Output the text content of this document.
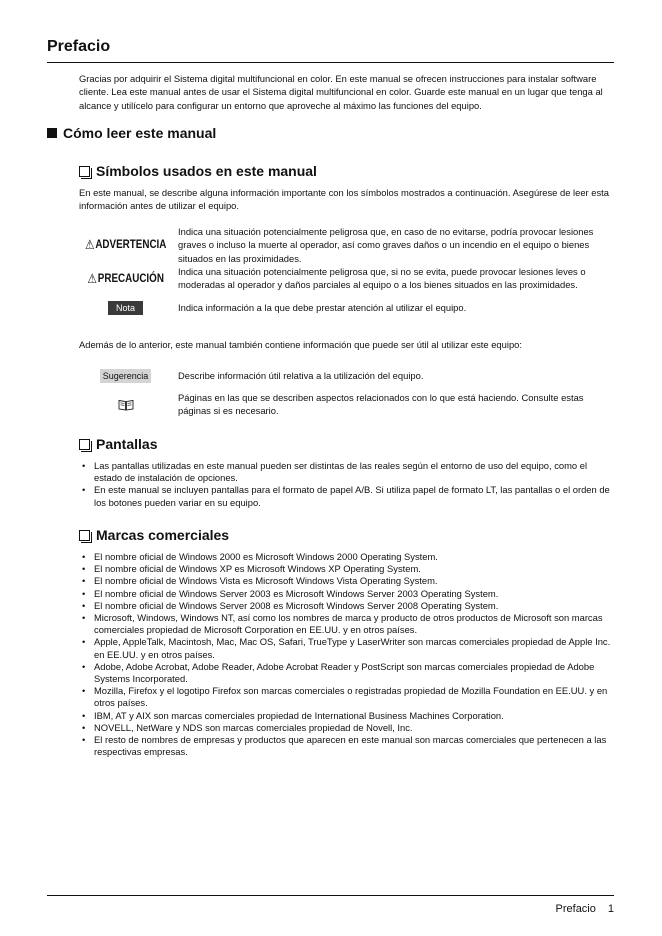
Prefacio

Gracias por adquirir el Sistema digital multifuncional en color. En este manual se ofrecen instrucciones para instalar software cliente. Lea este manual antes de usar el Sistema digital multifuncional en color. Guarde este manual en un lugar que tenga al alcance y utilícelo para configurar un entorno que aproveche al máximo las funciones del equipo.

Cómo leer este manual
Símbolos usados en este manual

En este manual, se describe alguna información importante con los símbolos mostrados a continuación. Asegúrese de leer esta información antes de utilizar el equipo.

⚠ ADVERTENCIA
Indica una situación potencialmente peligrosa que, en caso de no evitarse, podría provocar lesiones graves o incluso la muerte al operador, así como graves daños o un incendio en el equipo o bienes situados en las proximidades.
⚠ PRECAUCIÓN Indica una situación potencialmente peligrosa que, si no se evita, puede provocar lesiones leves o moderadas al operador y daños parciales al equipo o a los bienes situados en las proximidades.
Nota	Indica información a la que debe prestar atención al utilizar el equipo.

Además de lo anterior, este manual también contiene información que puede ser útil al utilizar este equipo:

Sugerencia	Describe información útil relativa a la utilización del equipo.
Páginas en las que se describen aspectos relacionados con lo que está haciendo. Consulte estas páginas si es necesario.
Pantallas
• Las pantallas utilizadas en este manual pueden ser distintas de las reales según el entorno de uso del equipo, como el estado de instalación de opciones.
• En este manual se incluyen pantallas para el formato de papel A/B. Si utiliza papel de formato LT, las pantallas o el orden de los botones pueden variar en su equipo.
Marcas comerciales
• El nombre oficial de Windows 2000 es Microsoft Windows 2000 Operating System.
• El nombre oficial de Windows XP es Microsoft Windows XP Operating System.
• El nombre oficial de Windows Vista es Microsoft Windows Vista Operating System.
• El nombre oficial de Windows Server 2003 es Microsoft Windows Server 2003 Operating System.
• El nombre oficial de Windows Server 2008 es Microsoft Windows Server 2008 Operating System.
• Microsoft, Windows, Windows NT, así como los nombres de marca y producto de otros productos de Microsoft son marcas comerciales propiedad de Microsoft Corporation en EE.UU. y en otros países.
• Apple, AppleTalk, Macintosh, Mac, Mac OS, Safari, TrueType y LaserWriter son marcas comerciales propiedad de Apple Inc. en EE.UU. y en otros países.
• Adobe, Adobe Acrobat, Adobe Reader, Adobe Acrobat Reader y PostScript son marcas comerciales propiedad de Adobe Systems Incorporated.
• Mozilla, Firefox y el logotipo Firefox son marcas comerciales o registradas propiedad de Mozilla Foundation en EE.UU. y en otros países.
• IBM, AT y AIX son marcas comerciales propiedad de International Business Machines Corporation.
• NOVELL, NetWare y NDS son marcas comerciales propiedad de Novell, Inc.
• El resto de nombres de empresas y productos que aparecen en este manual son marcas comerciales que pertenecen a las respectivas empresas.
Prefacio 1
